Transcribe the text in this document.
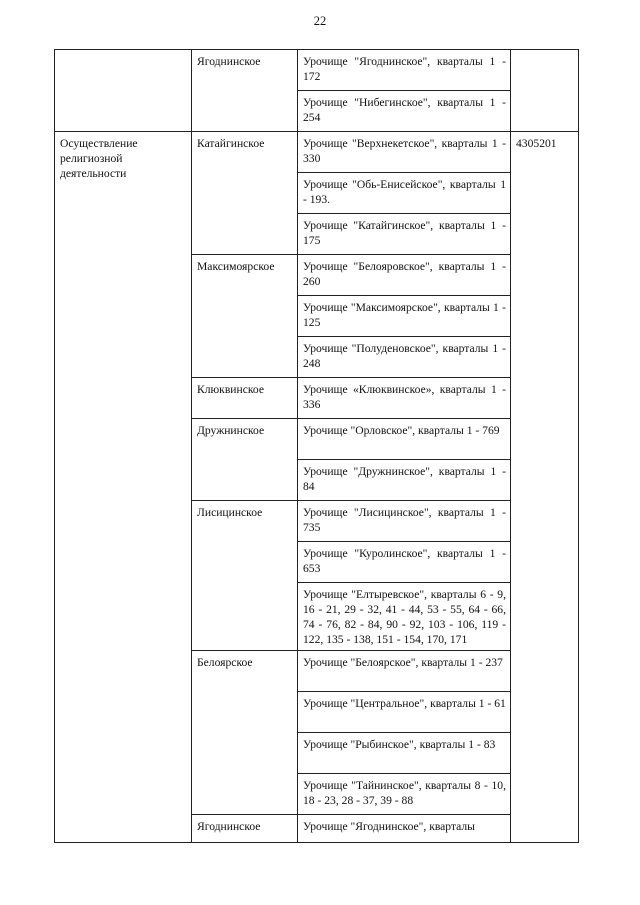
22
	Ягоднинское	Урочище "Ягоднинское", кварталы 1 - 172	
		Урочище "Нибегинское", кварталы 1 - 254	
Осуществление религиозной деятельности	Катайгинское	Урочище "Верхнекетское", кварталы 1 - 330	4305201
		Урочище "Обь-Енисейское", кварталы 1 - 193.	
		Урочище "Катайгинское", кварталы 1 - 175	
	Максимоярское	Урочище "Белояровское", кварталы 1 - 260	
		Урочище "Максимоярское", кварталы 1 - 125	
		Урочище "Полуденовское", кварталы 1 - 248	
	Клюквинское	Урочище «Клюквинское», кварталы 1 - 336	
	Дружнинское	Урочище "Орловское", кварталы 1 - 769	
		Урочище "Дружнинское", кварталы 1 - 84	
	Лисицинское	Урочище "Лисицинское", кварталы 1 - 735	
		Урочище "Куролинское", кварталы 1 - 653	
		Урочище "Елтыревское", кварталы 6 - 9, 16 - 21, 29 - 32, 41 - 44, 53 - 55, 64 - 66, 74 - 76, 82 - 84, 90 - 92, 103 - 106, 119 - 122, 135 - 138, 151 - 154, 170, 171	
	Белоярское	Урочище "Белоярское", кварталы 1 - 237	
		Урочище "Центральное", кварталы 1 - 61	
		Урочище "Рыбинское", кварталы 1 - 83	
		Урочище "Тайнинское", кварталы 8 - 10, 18 - 23, 28 - 37, 39 - 88	
	Ягоднинское	Урочище "Ягоднинское", кварталы	
